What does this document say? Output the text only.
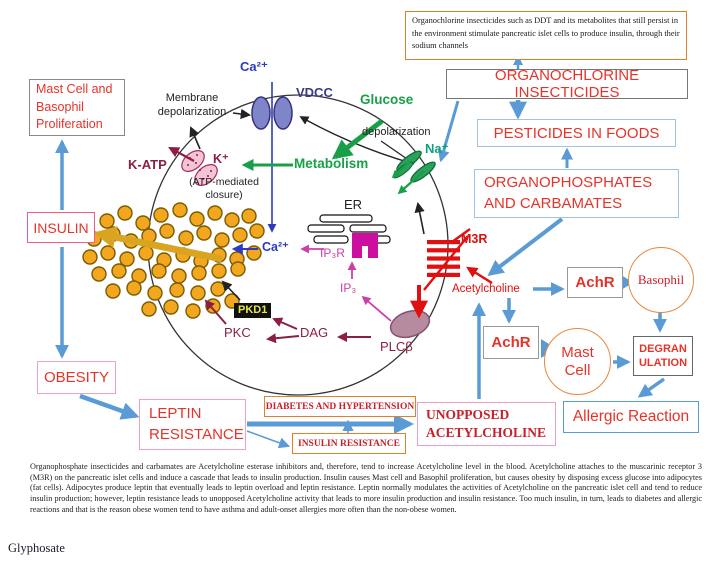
Organochlorine insecticides such as DDT and its metabolites that still persist in the environment stimulate pancreatic islet cells to produce insulin, through their sodium channels
ORGANOCHLORINE INSECTICIDES
PESTICIDES IN FOODS
ORGANOPHOSPHATES AND CARBAMATES
Mast Cell and Basophil Proliferation
INSULIN
OBESITY
LEPTIN RESISTANCE
DIABETES AND HYPERTENSION
INSULIN RESISTANCE
UNOPPOSED ACETYLCHOLINE
Allergic Reaction
AchR
AchR
Basophil
Mast Cell
DEGRAN
ULATION
Ca²⁺
VDCC
Membrane depolarization
K-ATP	K⁺
(ATP-mediated closure)
Metabolism
Glucose
depolarization
Na⁺
ER
IP₃R
Ca²⁺
IP₃
PKD1
PKC	DAG
PLCβ
M3R
Acetylcholine
Organophosphate insecticides and carbamates are Acetylcholine esterase inhibitors and, therefore, tend to increase Acetylcholine level in the blood. Acetylcholine attaches to the muscarinic receptor 3 (M3R) on the pancreatic islet cells and induce a cascade that leads to insulin production. Insulin causes Mast cell and Basophil proliferation, but causes obesity by disposing excess glucose into adipocytes (fat cells). Adipocytes produce leptin that eventually leads to leptin overload and leptin resistance. Leptin normally modulates the activities of Acetylcholine on the pancreatic islet cell and tend to reduce insulin production; however, leptin resistance leads to unopposed Acetylcholine activity that leads to more insulin production and insulin resistance. Too much insulin, in turn, leads to diabetes and allergic reactions and that is the reason obese women tend to have asthma and adult-onset allergies more often than the non-obese women.
Glyphosate
